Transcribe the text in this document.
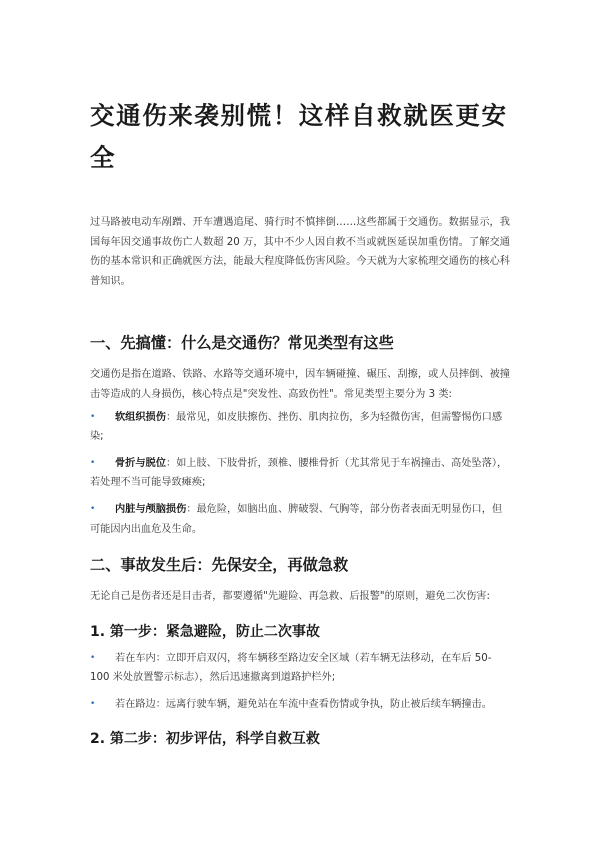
交通伤来袭别慌！这样自救就医更安全

过马路被电动车剐蹭、开车遭遇追尾、骑行时不慎摔倒……这些都属于交通伤。数据显示，我国每年因交通事故伤亡人数超 20 万，其中不少人因自救不当或就医延误加重伤情。了解交通伤的基本常识和正确就医方法，能最大程度降低伤害风险。今天就为大家梳理交通伤的核心科普知识。

一、先搞懂：什么是交通伤？常见类型有这些

交通伤是指在道路、铁路、水路等交通环境中，因车辆碰撞、碾压、刮擦，或人员摔倒、被撞击等造成的人身损伤，核心特点是"突发性、高致伤性"。常见类型主要分为 3 类:

• 软组织损伤：最常见，如皮肤擦伤、挫伤、肌肉拉伤，多为轻微伤害，但需警惕伤口感染;
• 骨折与脱位：如上肢、下肢骨折，颈椎、腰椎骨折（尤其常见于车祸撞击、高处坠落），若处理不当可能导致瘫痪;
• 内脏与颅脑损伤：最危险，如脑出血、脾破裂、气胸等，部分伤者表面无明显伤口，但可能因内出血危及生命。
二、事故发生后：先保安全，再做急救

无论自己是伤者还是目击者，都要遵循"先避险、再急救、后报警"的原则，避免二次伤害:

1. 第一步：紧急避险，防止二次事故
• 若在车内：立即开启双闪，将车辆移至路边安全区域（若车辆无法移动，在车后 50-100 米处放置警示标志），然后迅速撤离到道路护栏外;
• 若在路边：远离行驶车辆，避免站在车流中查看伤情或争执，防止被后续车辆撞击。
2. 第二步：初步评估，科学自救互救
